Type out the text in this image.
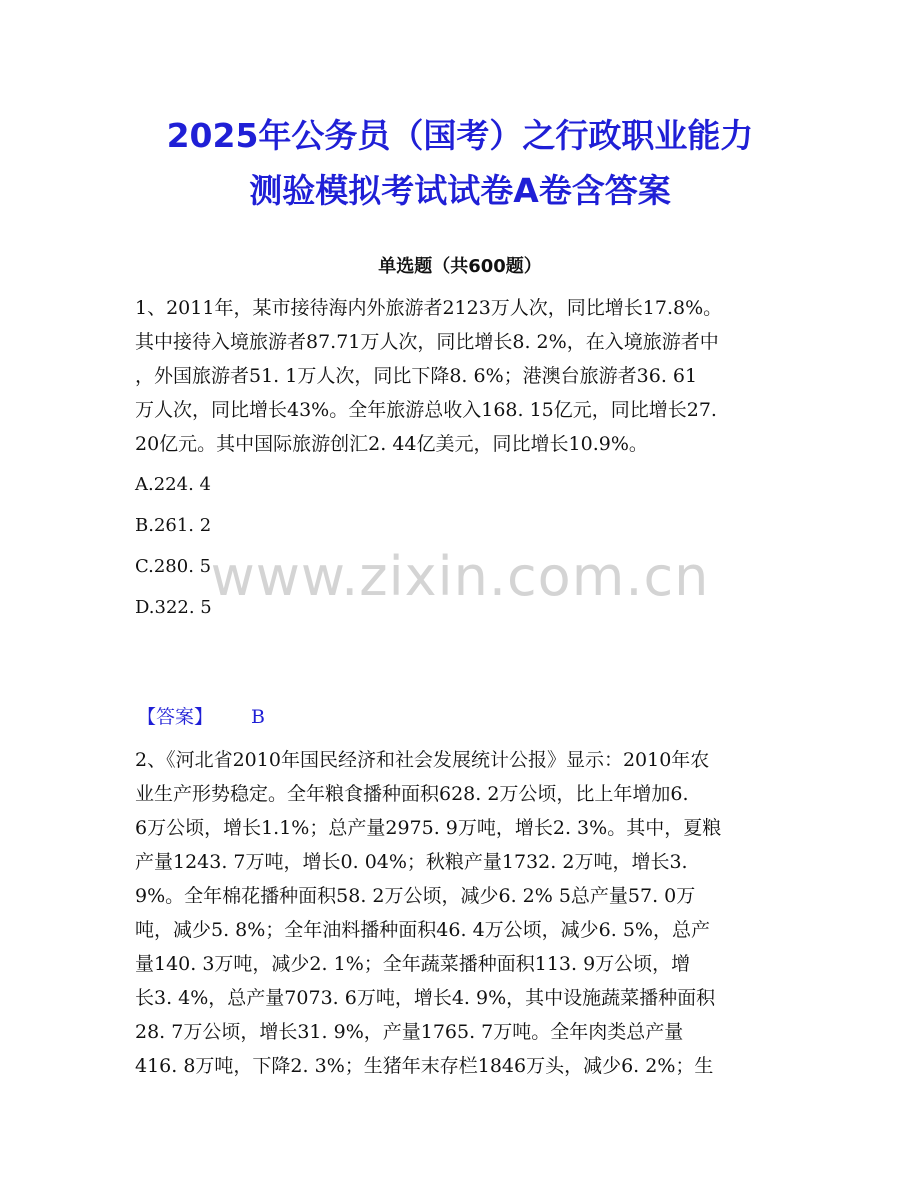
2025年公务员（国考）之行政职业能力
测验模拟考试试卷A卷含答案
单选题（共600题）
1、2011年，某市接待海内外旅游者2123万人次，同比增长17.8%。
其中接待入境旅游者87.71万人次，同比增长8. 2%，在入境旅游者中
，外国旅游者51. 1万人次，同比下降8. 6%；港澳台旅游者36. 61
万人次，同比增长43%。全年旅游总收入168. 15亿元，同比增长27.
20亿元。其中国际旅游创汇2. 44亿美元，同比增长10.9%。
A.224. 4
B.261. 2
C.280. 5
D.322. 5
www.zixin.com.cn
【答案】 B
2、《河北省2010年国民经济和社会发展统计公报》显示：2010年农
业生产形势稳定。全年粮食播种面积628. 2万公顷，比上年增加6.
6万公顷，增长1.1%；总产量2975. 9万吨，增长2. 3%。其中，夏粮
产量1243. 7万吨，增长0. 04%；秋粮产量1732. 2万吨，增长3.
9%。全年棉花播种面积58. 2万公顷，减少6. 2% 5总产量57. 0万
吨，减少5. 8%；全年油料播种面积46. 4万公顷，减少6. 5%，总产
量140. 3万吨，减少2. 1%；全年蔬菜播种面积113. 9万公顷，增
长3. 4%，总产量7073. 6万吨，增长4. 9%，其中设施蔬菜播种面积
28. 7万公顷，增长31. 9%，产量1765. 7万吨。全年肉类总产量
416. 8万吨，下降2. 3%；生猪年末存栏1846万头，减少6. 2%；生
